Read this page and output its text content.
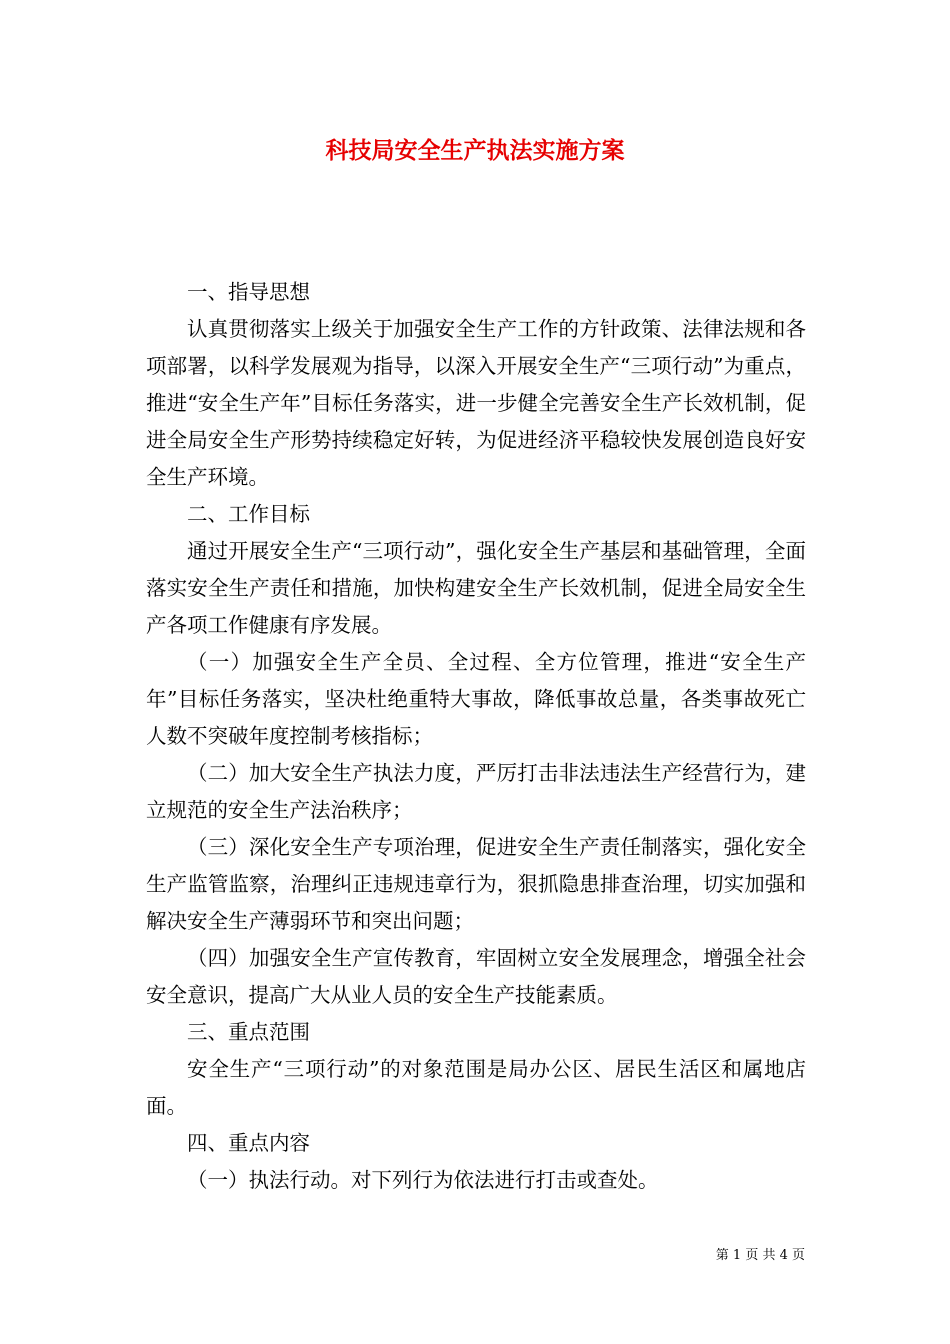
科技局安全生产执法实施方案

一、指导思想

认真贯彻落实上级关于加强安全生产工作的方针政策、法律法规和各项部署，以科学发展观为指导，以深入开展安全生产“三项行动”为重点，推进“安全生产年”目标任务落实，进一步健全完善安全生产长效机制，促进全局安全生产形势持续稳定好转，为促进经济平稳较快发展创造良好安全生产环境。

二、工作目标

通过开展安全生产“三项行动”，强化安全生产基层和基础管理，全面落实安全生产责任和措施，加快构建安全生产长效机制，促进全局安全生产各项工作健康有序发展。

（一）加强安全生产全员、全过程、全方位管理，推进“安全生产年”目标任务落实，坚决杜绝重特大事故，降低事故总量，各类事故死亡人数不突破年度控制考核指标；

（二）加大安全生产执法力度，严厉打击非法违法生产经营行为，建立规范的安全生产法治秩序；

（三）深化安全生产专项治理，促进安全生产责任制落实，强化安全生产监管监察，治理纠正违规违章行为，狠抓隐患排查治理，切实加强和解决安全生产薄弱环节和突出问题；

（四）加强安全生产宣传教育，牢固树立安全发展理念，增强全社会安全意识，提高广大从业人员的安全生产技能素质。

三、重点范围

安全生产“三项行动”的对象范围是局办公区、居民生活区和属地店面。

四、重点内容

（一）执法行动。对下列行为依法进行打击或查处。

第 1 页 共 4 页
